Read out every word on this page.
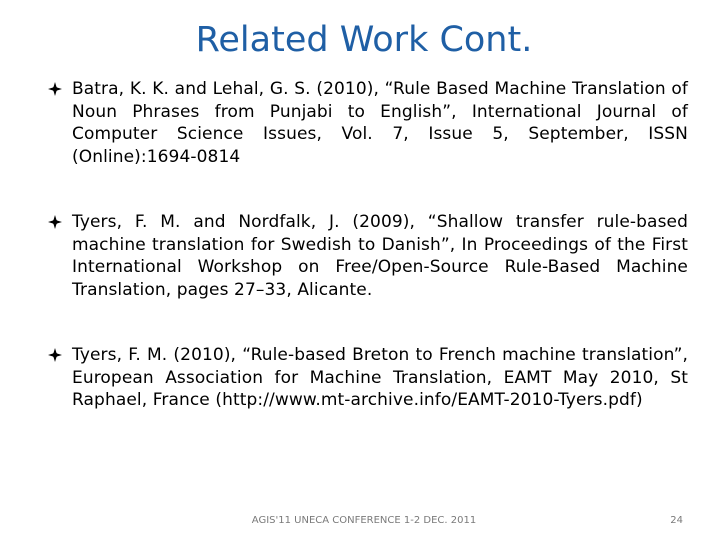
Related Work Cont.
Batra, K. K. and Lehal, G. S. (2010), “Rule Based Machine Translation of Noun Phrases from Punjabi to English”, International Journal of Computer Science Issues, Vol. 7, Issue 5, September, ISSN (Online):1694-0814
Tyers, F. M. and Nordfalk, J. (2009), “Shallow transfer rule-based machine translation for Swedish to Danish”, In Proceedings of the First International Workshop on Free/Open-Source Rule-Based Machine Translation, pages 27–33, Alicante.
Tyers, F. M. (2010), “Rule-based Breton to French machine translation”, European Association for Machine Translation, EAMT May 2010, St Raphael, France (http://www.mt-archive.info/EAMT-2010-Tyers.pdf)
AGIS'11 UNECA CONFERENCE 1-2 DEC. 2011	24
